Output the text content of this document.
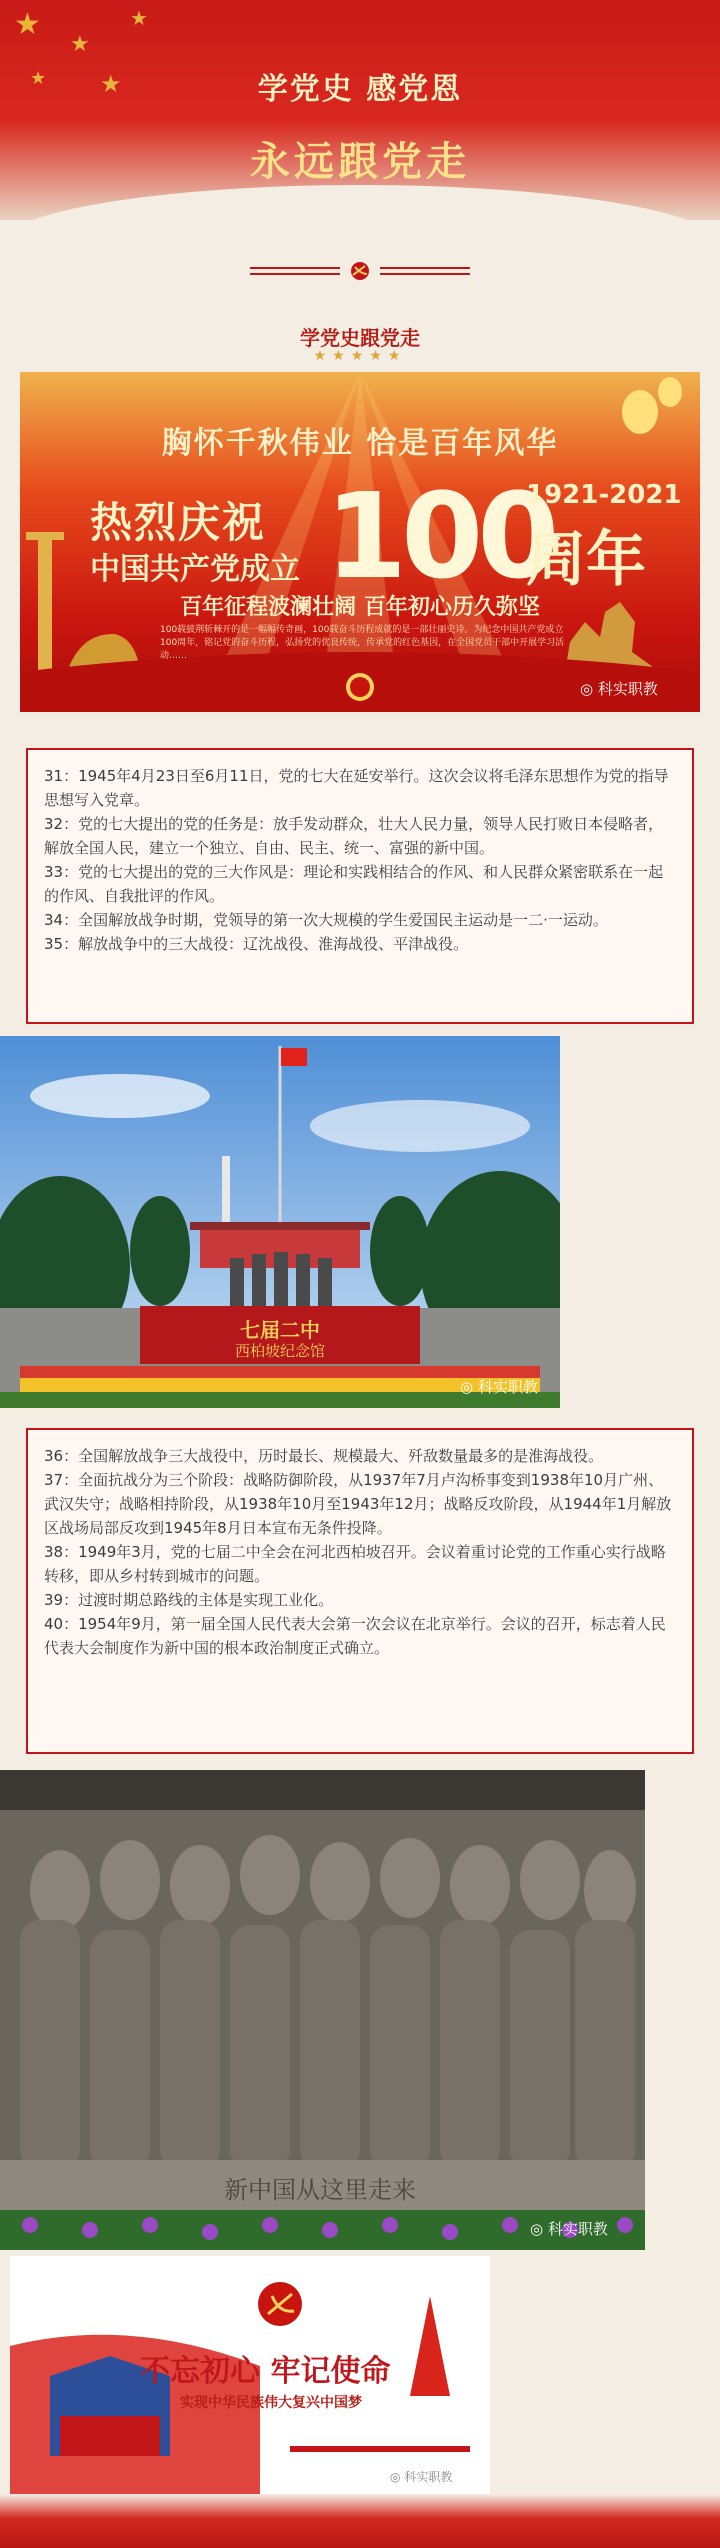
★
★
★
★
★	学党史 感党恩
永远跟党走
学党史跟党走
★★★★★
胸怀千秋伟业 恰是百年风华
热烈庆祝
中国共产党成立 100
1921-2021
周年
百年征程波澜壮阔 百年初心历久弥坚
100载披荆斩棘开的是一幅幅传奇画，100载奋斗历程成就的是一部壮丽史诗。为纪念中国共产党成立100周年，铭记党的奋斗历程，弘扬党的优良传统，传承党的红色基因，在全国党员干部中开展学习活动……
◎ 科实职教

31：1945年4月23日至6月11日，党的七大在延安举行。这次会议将毛泽东思想作为党的指导思想写入党章。

32：党的七大提出的党的任务是：放手发动群众，壮大人民力量，领导人民打败日本侵略者，解放全国人民，建立一个独立、自由、民主、统一、富强的新中国。

33：党的七大提出的党的三大作风是：理论和实践相结合的作风、和人民群众紧密联系在一起的作风、自我批评的作风。

34：全国解放战争时期，党领导的第一次大规模的学生爱国民主运动是一二·一运动。

35：解放战争中的三大战役：辽沈战役、淮海战役、平津战役。

七届二中
西柏坡纪念馆
◎ 科实职教

36：全国解放战争三大战役中，历时最长、规模最大、歼敌数量最多的是淮海战役。

37：全面抗战分为三个阶段：战略防御阶段，从1937年7月卢沟桥事变到1938年10月广州、武汉失守；战略相持阶段，从1938年10月至1943年12月；战略反攻阶段，从1944年1月解放区战场局部反攻到1945年8月日本宣布无条件投降。

38：1949年3月，党的七届二中全会在河北西柏坡召开。会议着重讨论党的工作重心实行战略转移，即从乡村转到城市的问题。

39：过渡时期总路线的主体是实现工业化。

40：1954年9月，第一届全国人民代表大会第一次会议在北京举行。会议的召开，标志着人民代表大会制度作为新中国的根本政治制度正式确立。

新中国从这里走来
◎ 科实职教
不忘初心 牢记使命
实现中华民族伟大复兴中国梦
◎ 科实职教
